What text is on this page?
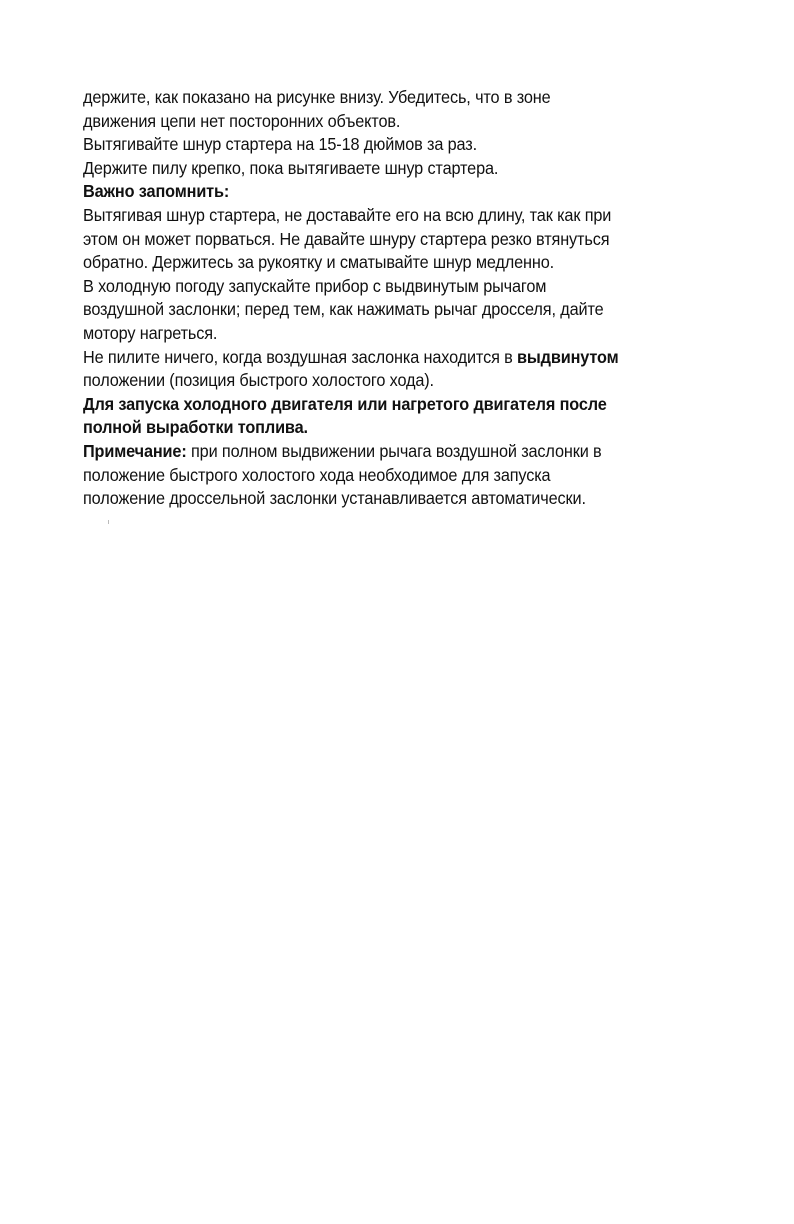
держите, как показано на рисунке внизу. Убедитесь, что в зоне
движения цепи нет посторонних объектов.

Вытягивайте шнур стартера на 15-18 дюймов за раз.

Держите пилу крепко, пока вытягиваете шнур стартера.

Важно запомнить:

Вытягивая шнур стартера, не доставайте его на всю длину, так как при
этом он может порваться. Не давайте шнуру стартера резко втянуться
обратно. Держитесь за рукоятку и сматывайте шнур медленно.

В холодную погоду запускайте прибор с выдвинутым рычагом
воздушной заслонки; перед тем, как нажимать рычаг дросселя, дайте
мотору нагреться.

Не пилите ничего, когда воздушная заслонка находится в выдвинутом
положении (позиция быстрого холостого хода).

Для запуска холодного двигателя или нагретого двигателя после
полной выработки топлива.

Примечание: при полном выдвижении рычага воздушной заслонки в
положение быстрого холостого хода необходимое для запуска
положение дроссельной заслонки устанавливается автоматически.
